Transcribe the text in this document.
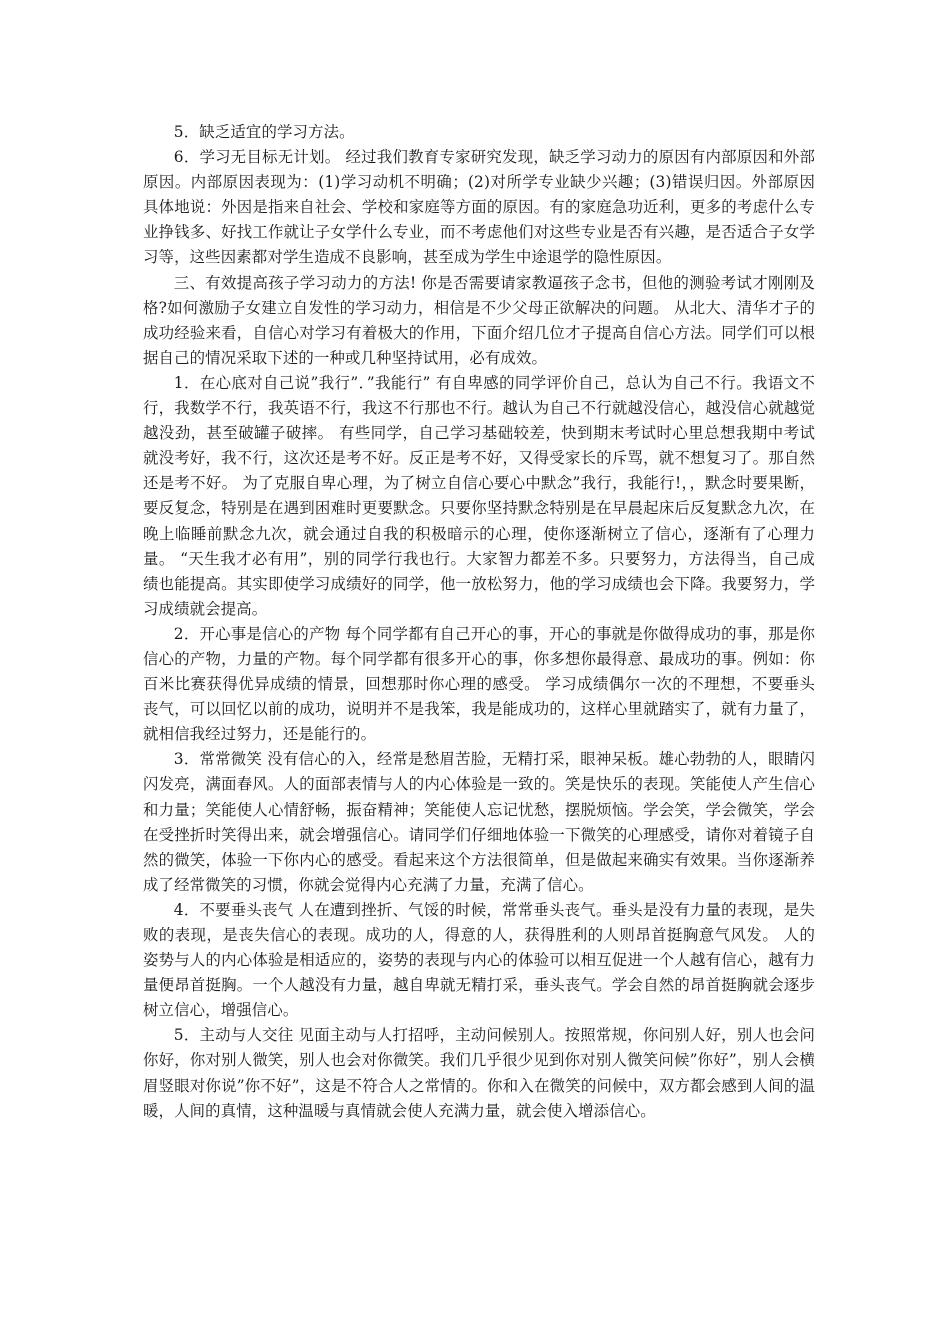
5．缺乏适宜的学习方法。

6．学习无目标无计划。 经过我们教育专家研究发现，缺乏学习动力的原因有内部原因和外部原因。内部原因表现为：(1)学习动机不明确；(2)对所学专业缺少兴趣；(3)错误归因。外部原因具体地说：外因是指来自社会、学校和家庭等方面的原因。有的家庭急功近利，更多的考虑什么专业挣钱多、好找工作就让子女学什么专业，而不考虑他们对这些专业是否有兴趣，是否适合子女学习等，这些因素都对学生造成不良影响，甚至成为学生中途退学的隐性原因。

三、有效提高孩子学习动力的方法! 你是否需要请家教逼孩子念书，但他的测验考试才刚刚及格?如何激励子女建立自发性的学习动力，相信是不少父母正欲解决的问题。 从北大、清华才子的成功经验来看，自信心对学习有着极大的作用，下面介绍几位才子提高自信心方法。同学们可以根据自己的情况采取下述的一种或几种坚持试用，必有成效。

1．在心底对自己说”我行”．”我能行” 有自卑感的同学评价自己，总认为自己不行。我语文不行，我数学不行，我英语不行，我这不行那也不行。越认为自己不行就越没信心，越没信心就越觉越没劲，甚至破罐子破摔。 有些同学，自己学习基础较差，快到期末考试时心里总想我期中考试就没考好，我不行，这次还是考不好。反正是考不好，又得受家长的斥骂，就不想复习了。那自然还是考不好。 为了克服自卑心理，为了树立自信心要心中默念”我行，我能行!，，默念时要果断，要反复念，特别是在遇到困难时更要默念。只要你坚持默念特别是在早晨起床后反复默念九次，在晚上临睡前默念九次，就会通过自我的积极暗示的心理，使你逐渐树立了信心，逐渐有了心理力量。 “天生我才必有用”，别的同学行我也行。大家智力都差不多。只要努力，方法得当，自己成绩也能提高。其实即使学习成绩好的同学，他一放松努力，他的学习成绩也会下降。我要努力，学习成绩就会提高。

2．开心事是信心的产物 每个同学都有自己开心的事，开心的事就是你做得成功的事，那是你信心的产物，力量的产物。每个同学都有很多开心的事，你多想你最得意、最成功的事。例如：你百米比赛获得优异成绩的情景，回想那时你心理的感受。 学习成绩偶尔一次的不理想，不要垂头丧气，可以回忆以前的成功，说明并不是我笨，我是能成功的，这样心里就踏实了，就有力量了，就相信我经过努力，还是能行的。

3．常常微笑 没有信心的入，经常是愁眉苦脸，无精打采，眼神呆板。雄心勃勃的人，眼睛闪闪发亮，满面春风。人的面部表情与人的内心体验是一致的。笑是快乐的表现。笑能使人产生信心和力量；笑能使人心情舒畅，振奋精神；笑能使人忘记忧愁，摆脱烦恼。学会笑，学会微笑，学会在受挫折时笑得出来，就会增强信心。请同学们仔细地体验一下微笑的心理感受，请你对着镜子自然的微笑，体验一下你内心的感受。看起来这个方法很简单，但是做起来确实有效果。当你逐渐养成了经常微笑的习惯，你就会觉得内心充满了力量，充满了信心。

4．不要垂头丧气 人在遭到挫折、气馁的时候，常常垂头丧气。垂头是没有力量的表现，是失败的表现，是丧失信心的表现。成功的人，得意的人，获得胜利的人则昂首挺胸意气风发。 人的姿势与人的内心体验是相适应的，姿势的表现与内心的体验可以相互促进一个人越有信心，越有力量便昂首挺胸。一个人越没有力量，越自卑就无精打采，垂头丧气。学会自然的昂首挺胸就会逐步树立信心，增强信心。

5．主动与人交往 见面主动与人打招呼，主动问候别人。按照常规，你问别人好，别人也会问你好，你对别人微笑，别人也会对你微笑。我们几乎很少见到你对别人微笑问候”你好”，别人会横眉竖眼对你说”你不好”，这是不符合人之常情的。你和入在微笑的问候中，双方都会感到人间的温暖，人间的真情，这种温暖与真情就会使人充满力量，就会使入增添信心。
